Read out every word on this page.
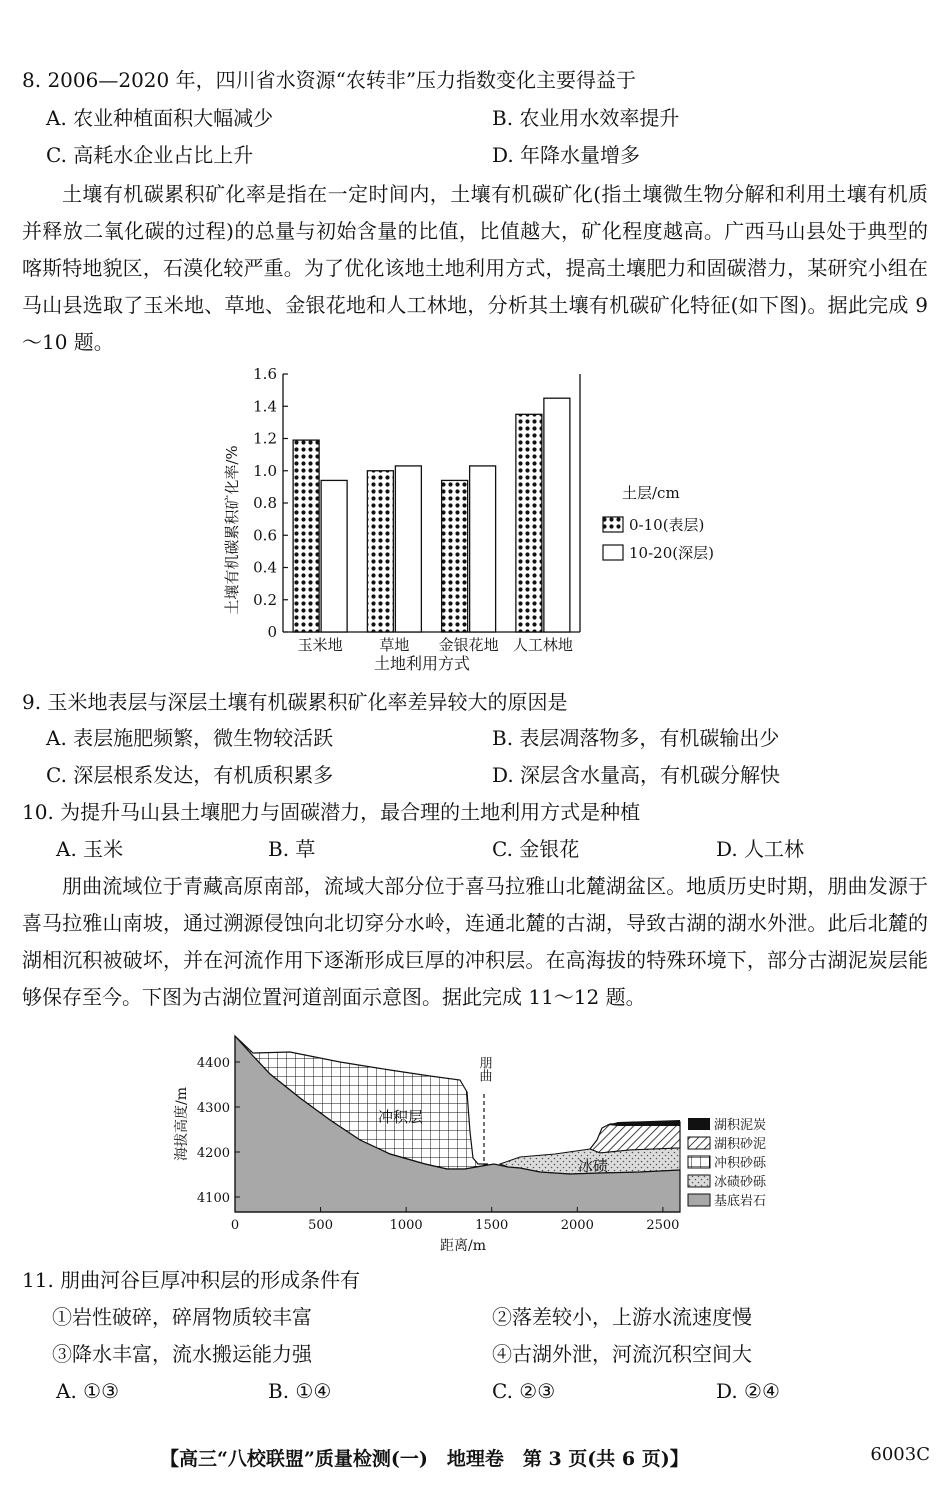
8. 2006—2020 年，四川省水资源“农转非”压力指数变化主要得益于
A. 农业种植面积大幅减少	B. 农业用水效率提升
C. 高耗水企业占比上升	D. 年降水量增多
土壤有机碳累积矿化率是指在一定时间内，土壤有机碳矿化(指土壤微生物分解和利用土壤有机质并释放二氧化碳的过程)的总量与初始含量的比值，比值越大，矿化程度越高。广西马山县处于典型的喀斯特地貌区，石漠化较严重。为了优化该地土地利用方式，提高土壤肥力和固碳潜力，某研究小组在马山县选取了玉米地、草地、金银花地和人工林地，分析其土壤有机碳矿化特征(如下图)。据此完成 9～10 题。
0
0.2
0.4
0.6
0.8
1.0
1.2
1.4
1.6
玉米地 草地 金银花地 人工林地
土壤有机碳累积矿化率/%
土地利用方式
土层/cm
0-10(表层)
10-20(深层)
9. 玉米地表层与深层土壤有机碳累积矿化率差异较大的原因是
A. 表层施肥频繁，微生物较活跃	B. 表层凋落物多，有机碳输出少
C. 深层根系发达，有机质积累多	D. 深层含水量高，有机碳分解快
10. 为提升马山县土壤肥力与固碳潜力，最合理的土地利用方式是种植
A. 玉米	B. 草	C. 金银花	D. 人工林
朋曲流域位于青藏高原南部，流域大部分位于喜马拉雅山北麓湖盆区。地质历史时期，朋曲发源于喜马拉雅山南坡，通过溯源侵蚀向北切穿分水岭，连通北麓的古湖，导致古湖的湖水外泄。此后北麓的湖相沉积被破坏，并在河流作用下逐渐形成巨厚的冲积层。在高海拔的特殊环境下，部分古湖泥炭层能够保存至今。下图为古湖位置河道剖面示意图。据此完成 11～12 题。
朋曲
冲积层
冰碛
4100
4200
4300
4400
0	500	1000	1500	2000	2500
海拔高度/m
距离/m
湖积泥炭
湖积砂泥
冲积砂砾
冰碛砂砾
基底岩石
11. 朋曲河谷巨厚冲积层的形成条件有
①岩性破碎，碎屑物质较丰富	②落差较小，上游水流速度慢
③降水丰富，流水搬运能力强	④古湖外泄，河流沉积空间大
A. ①③	B. ①④	C. ②③	D. ②④
【高三“八校联盟”质量检测(一)　地理卷　第 3 页(共 6 页)】	6003C
